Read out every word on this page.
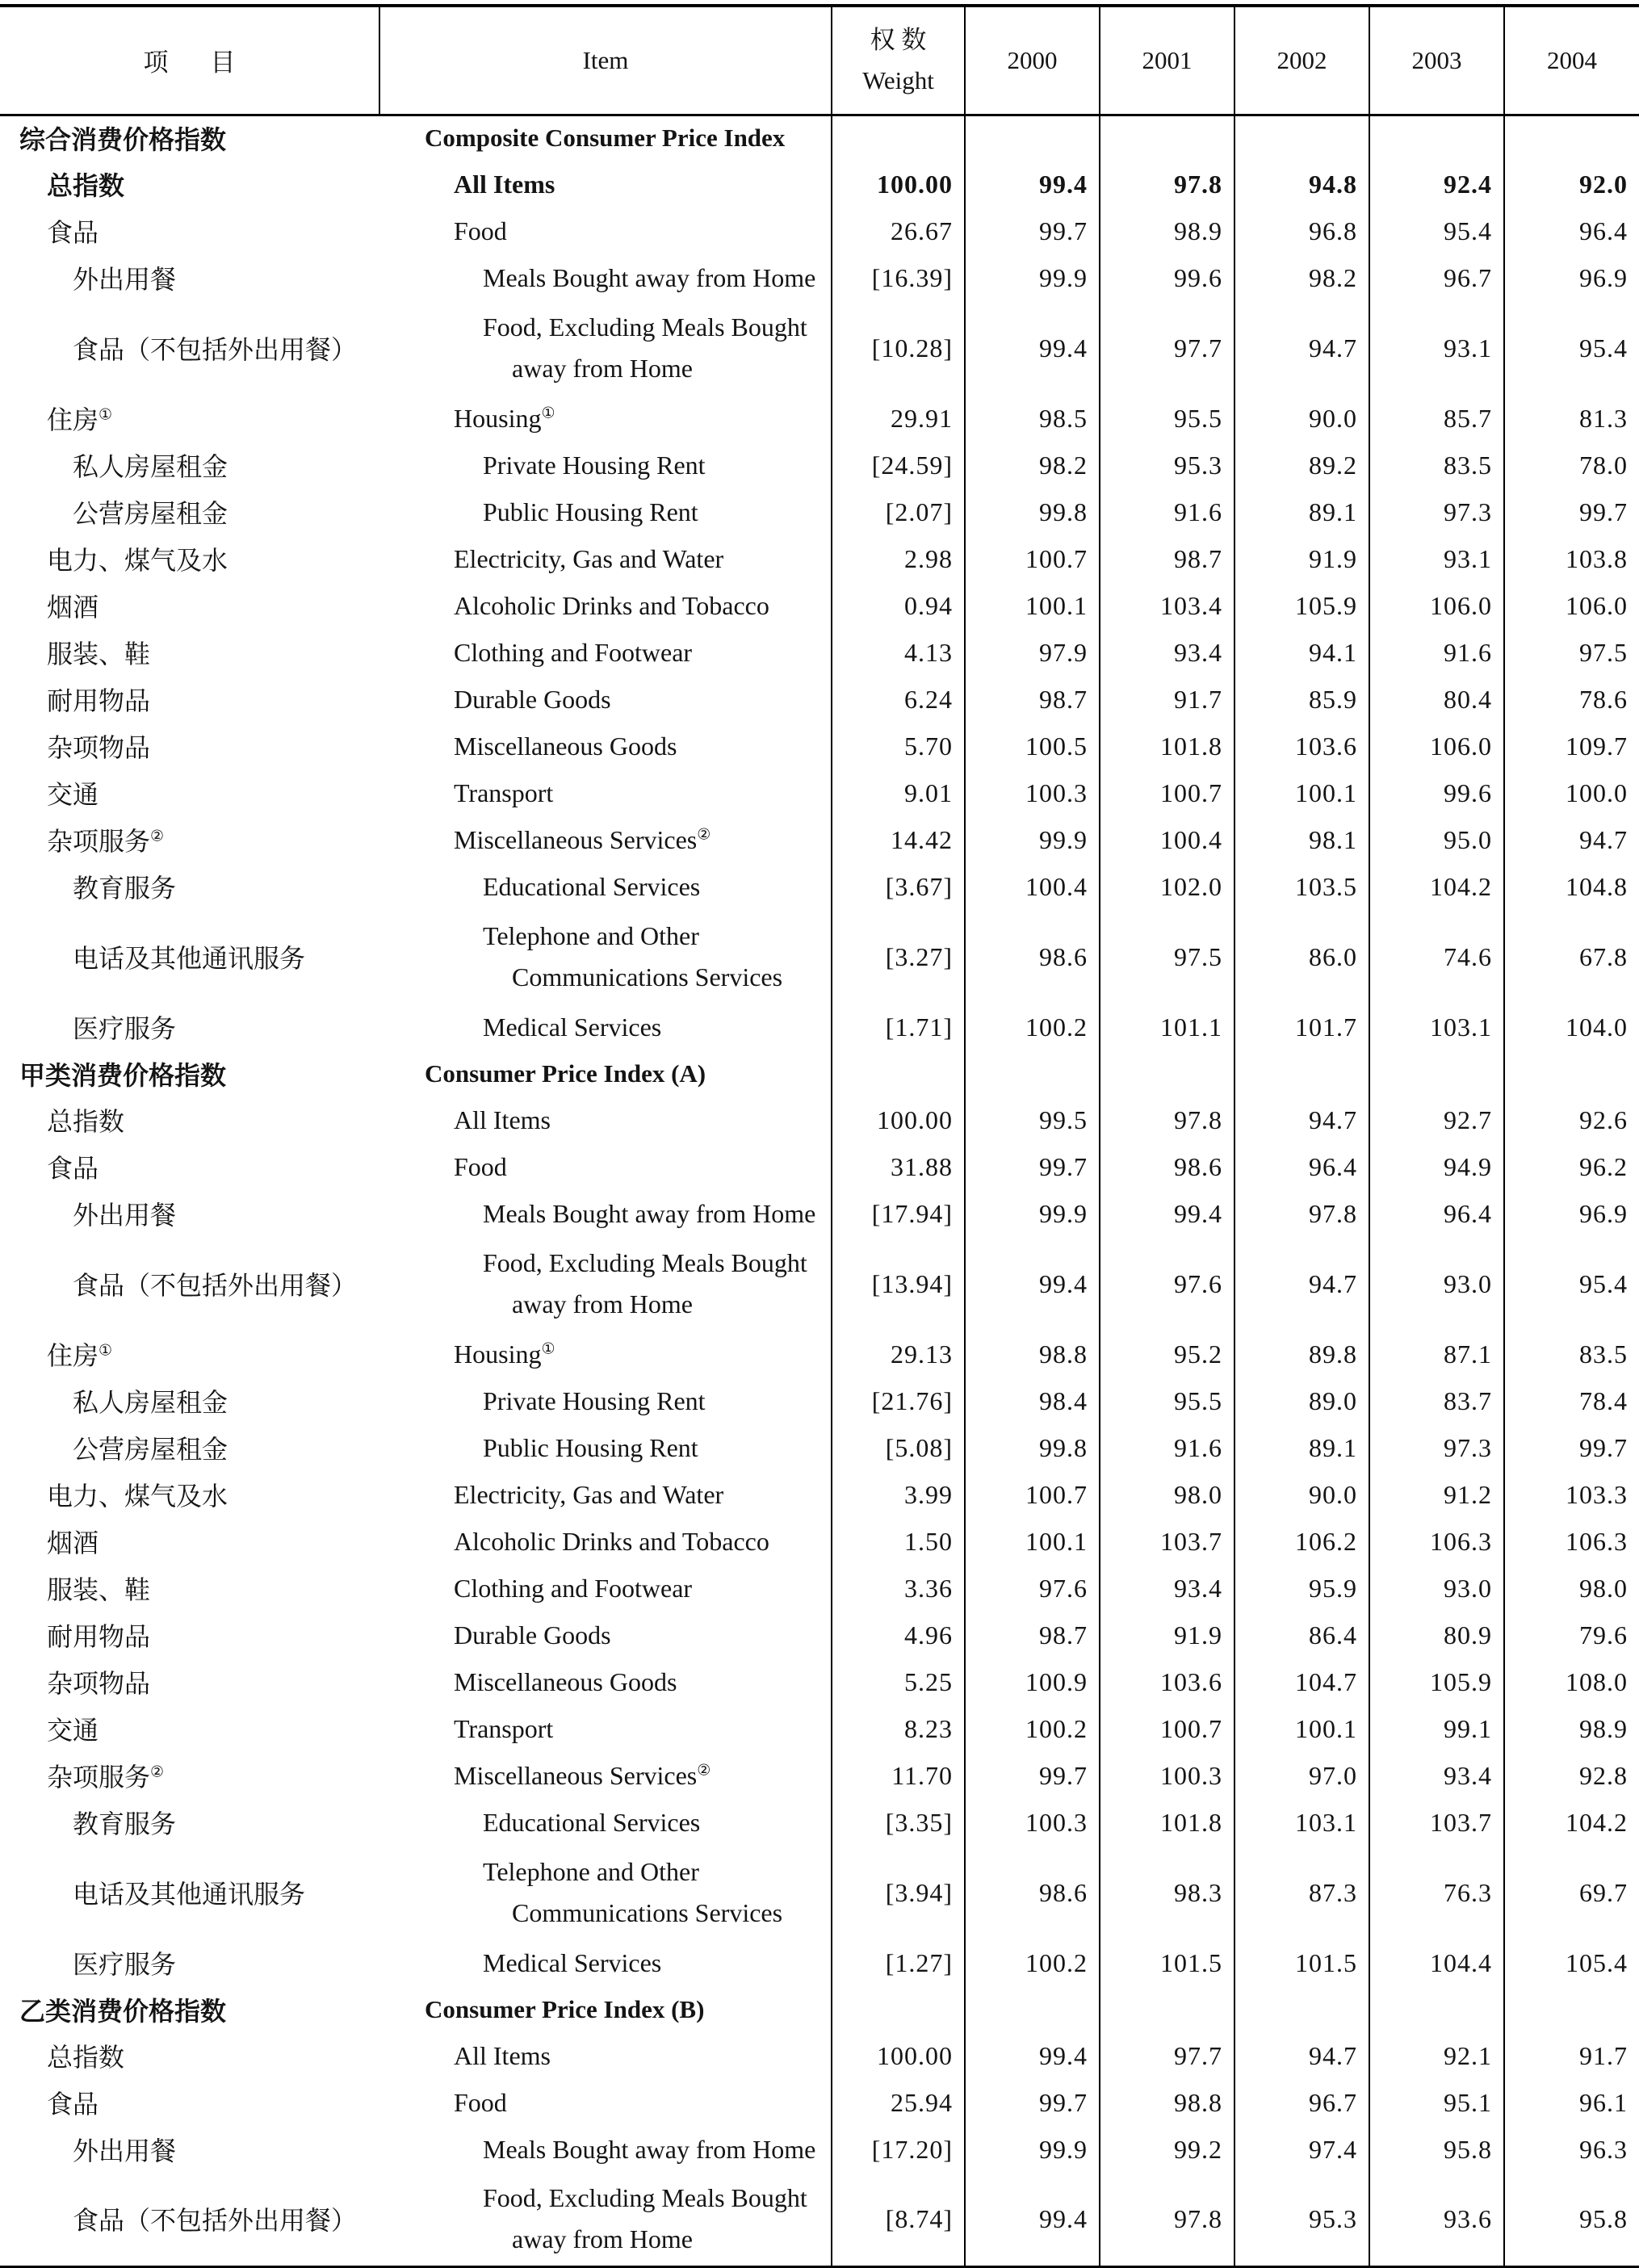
项目	Item	权 数
Weight	2000	2001	2002	2003	2004
综合消费价格指数	Composite Consumer Price Index						
总指数	All Items	100.00	99.4	97.8	94.8	92.4	92.0
食品	Food	26.67	99.7	98.9	96.8	95.4	96.4
外出用餐	Meals Bought away from Home	[16.39]	99.9	99.6	98.2	96.7	96.9
食品（不包括外出用餐）	Food, Excluding Meals Bought
away from Home	[10.28]	99.4	97.7	94.7	93.1	95.4
住房①	Housing①	29.91	98.5	95.5	90.0	85.7	81.3
私人房屋租金	Private Housing Rent	[24.59]	98.2	95.3	89.2	83.5	78.0
公营房屋租金	Public Housing Rent	[2.07]	99.8	91.6	89.1	97.3	99.7
电力、煤气及水	Electricity, Gas and Water	2.98	100.7	98.7	91.9	93.1	103.8
烟酒	Alcoholic Drinks and Tobacco	0.94	100.1	103.4	105.9	106.0	106.0
服装、鞋	Clothing and Footwear	4.13	97.9	93.4	94.1	91.6	97.5
耐用物品	Durable Goods	6.24	98.7	91.7	85.9	80.4	78.6
杂项物品	Miscellaneous Goods	5.70	100.5	101.8	103.6	106.0	109.7
交通	Transport	9.01	100.3	100.7	100.1	99.6	100.0
杂项服务②	Miscellaneous Services②	14.42	99.9	100.4	98.1	95.0	94.7
教育服务	Educational Services	[3.67]	100.4	102.0	103.5	104.2	104.8
电话及其他通讯服务	Telephone and Other
Communications Services	[3.27]	98.6	97.5	86.0	74.6	67.8
医疗服务	Medical Services	[1.71]	100.2	101.1	101.7	103.1	104.0
甲类消费价格指数	Consumer Price Index (A)						
总指数	All Items	100.00	99.5	97.8	94.7	92.7	92.6
食品	Food	31.88	99.7	98.6	96.4	94.9	96.2
外出用餐	Meals Bought away from Home	[17.94]	99.9	99.4	97.8	96.4	96.9
食品（不包括外出用餐）	Food, Excluding Meals Bought
away from Home	[13.94]	99.4	97.6	94.7	93.0	95.4
住房①	Housing①	29.13	98.8	95.2	89.8	87.1	83.5
私人房屋租金	Private Housing Rent	[21.76]	98.4	95.5	89.0	83.7	78.4
公营房屋租金	Public Housing Rent	[5.08]	99.8	91.6	89.1	97.3	99.7
电力、煤气及水	Electricity, Gas and Water	3.99	100.7	98.0	90.0	91.2	103.3
烟酒	Alcoholic Drinks and Tobacco	1.50	100.1	103.7	106.2	106.3	106.3
服装、鞋	Clothing and Footwear	3.36	97.6	93.4	95.9	93.0	98.0
耐用物品	Durable Goods	4.96	98.7	91.9	86.4	80.9	79.6
杂项物品	Miscellaneous Goods	5.25	100.9	103.6	104.7	105.9	108.0
交通	Transport	8.23	100.2	100.7	100.1	99.1	98.9
杂项服务②	Miscellaneous Services②	11.70	99.7	100.3	97.0	93.4	92.8
教育服务	Educational Services	[3.35]	100.3	101.8	103.1	103.7	104.2
电话及其他通讯服务	Telephone and Other
Communications Services	[3.94]	98.6	98.3	87.3	76.3	69.7
医疗服务	Medical Services	[1.27]	100.2	101.5	101.5	104.4	105.4
乙类消费价格指数	Consumer Price Index (B)						
总指数	All Items	100.00	99.4	97.7	94.7	92.1	91.7
食品	Food	25.94	99.7	98.8	96.7	95.1	96.1
外出用餐	Meals Bought away from Home	[17.20]	99.9	99.2	97.4	95.8	96.3
食品（不包括外出用餐）	Food, Excluding Meals Bought
away from Home	[8.74]	99.4	97.8	95.3	93.6	95.8
